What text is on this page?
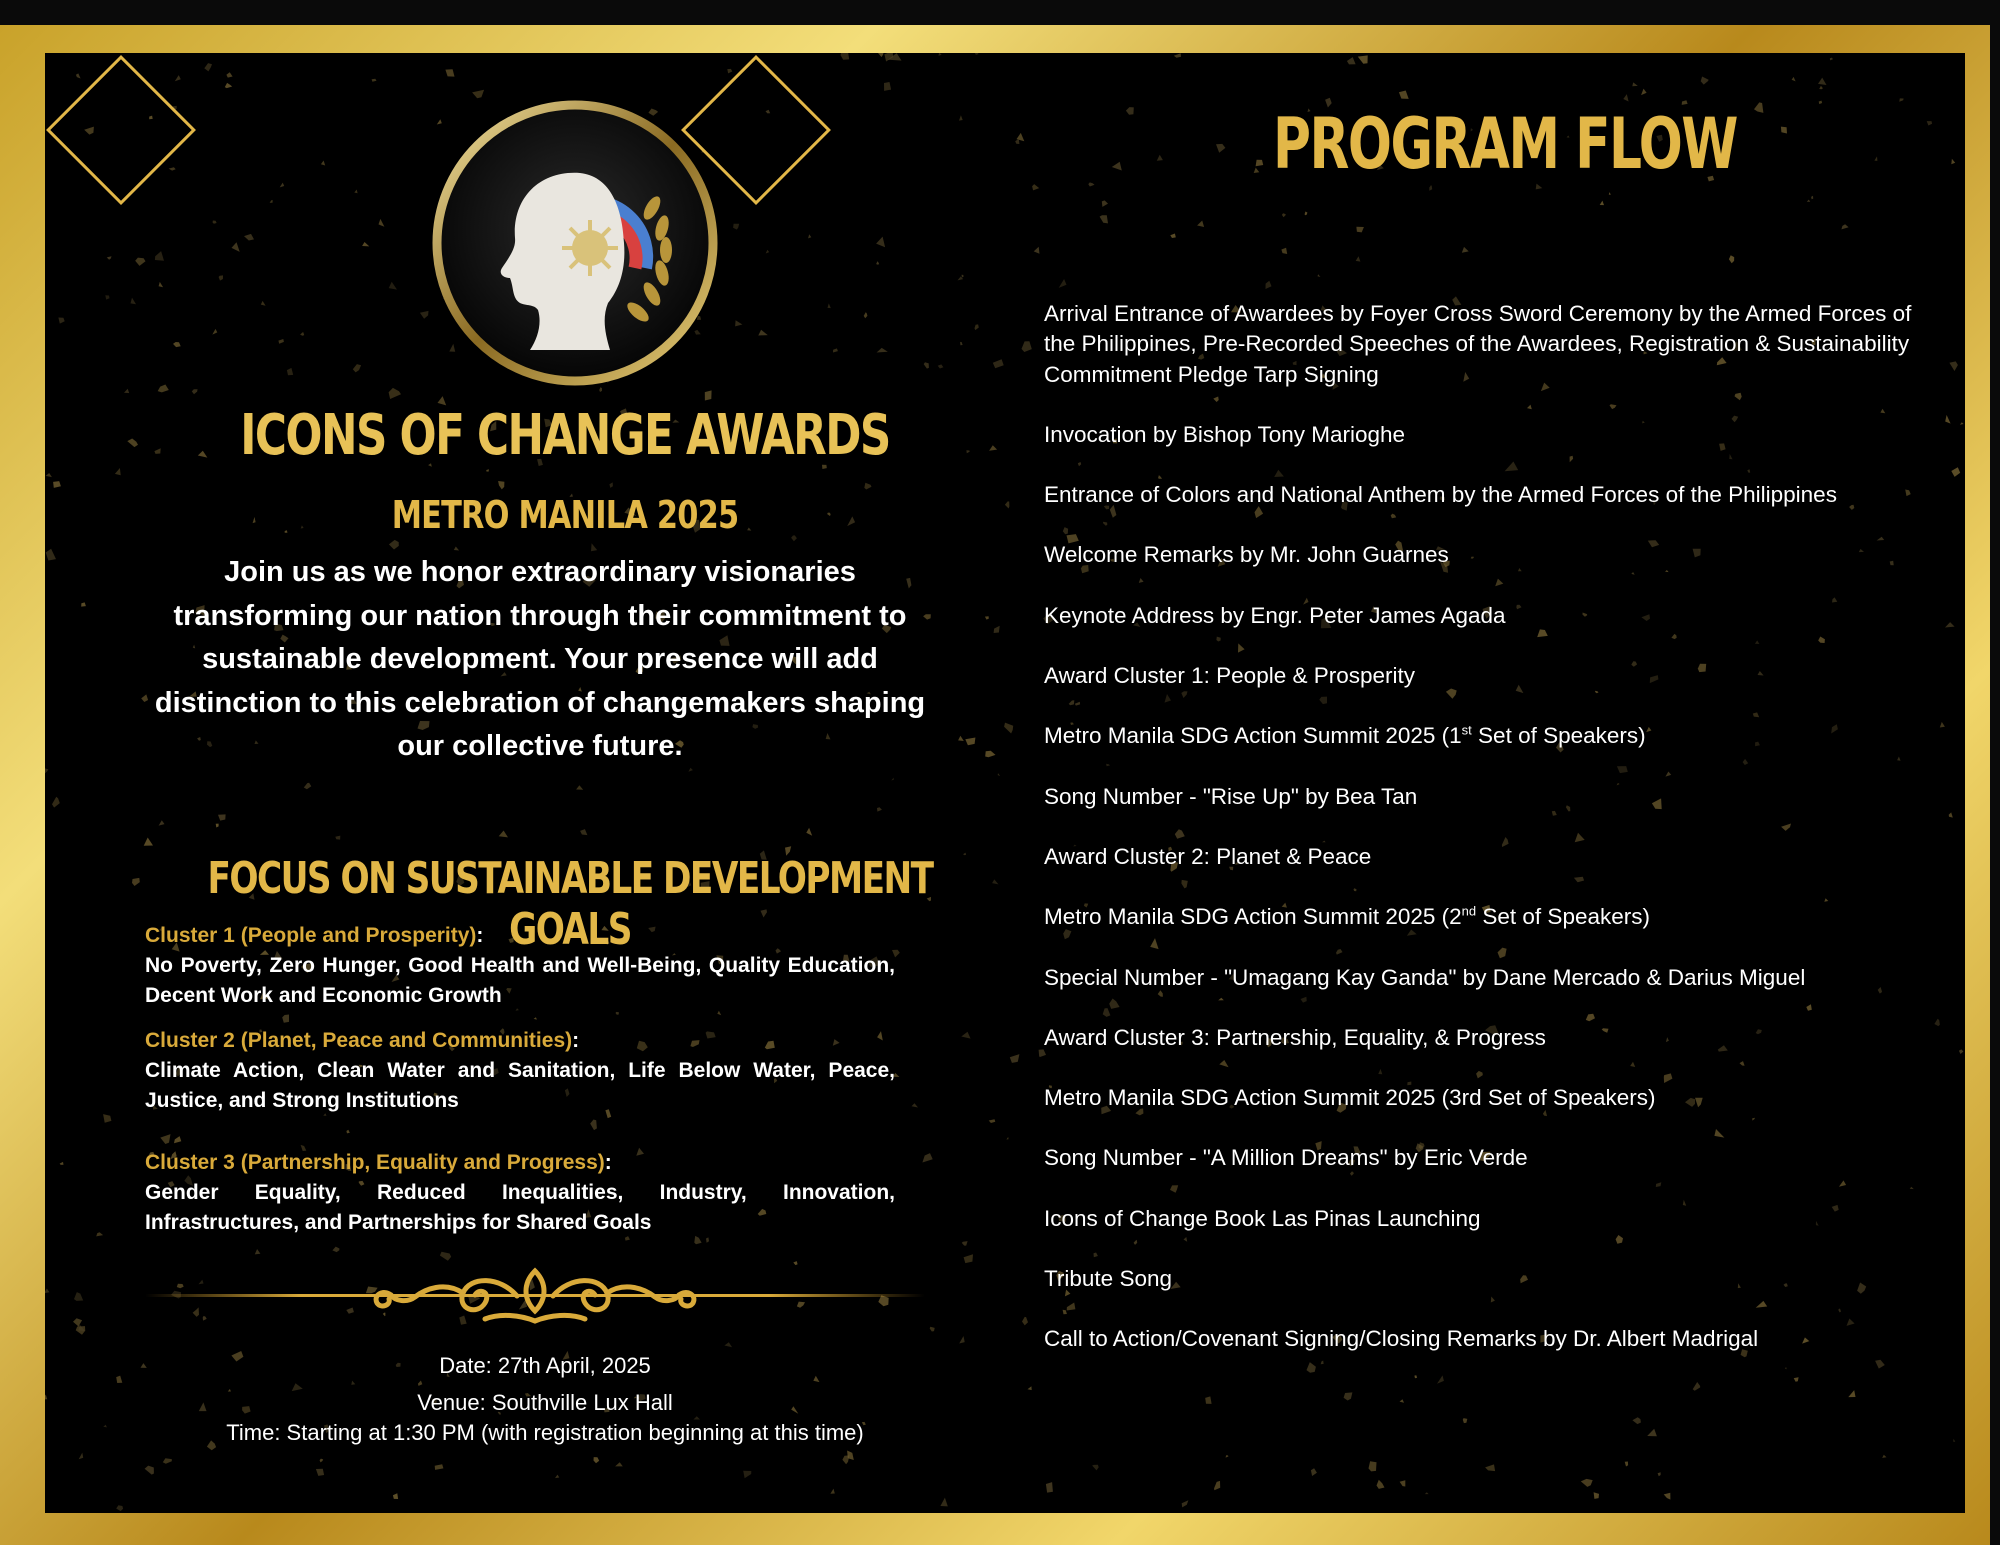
ICONS OF CHANGE AWARDS
METRO MANILA 2025
Join us as we honor extraordinary visionaries transforming our nation through their commitment to sustainable development. Your presence will add distinction to this celebration of changemakers shaping our collective future.
FOCUS ON SUSTAINABLE DEVELOPMENT GOALS
Cluster 1 (People and Prosperity):
No Poverty, Zero Hunger, Good Health and Well-Being, Quality Education, Decent Work and Economic Growth
Cluster 2 (Planet, Peace and Communities):
Climate Action, Clean Water and Sanitation, Life Below Water, Peace, Justice, and Strong Institutions
Cluster 3 (Partnership, Equality and Progress):
Gender Equality, Reduced Inequalities, Industry, Innovation, Infrastructures, and Partnerships for Shared Goals
Date: 27th April, 2025
Venue: Southville Lux Hall
Time: Starting at 1:30 PM (with registration beginning at this time)
PROGRAM FLOW
Arrival Entrance of Awardees by Foyer Cross Sword Ceremony by the Armed Forces of the Philippines, Pre-Recorded Speeches of the Awardees, Registration & Sustainability Commitment Pledge Tarp Signing
Invocation by Bishop Tony Marioghe
Entrance of Colors and National Anthem by the Armed Forces of the Philippines
Welcome Remarks by Mr. John Guarnes
Keynote Address by Engr. Peter James Agada
Award Cluster 1: People & Prosperity
Metro Manila SDG Action Summit 2025 (1st Set of Speakers)
Song Number - "Rise Up" by Bea Tan
Award Cluster 2: Planet & Peace
Metro Manila SDG Action Summit 2025 (2nd Set of Speakers)
Special Number - "Umagang Kay Ganda" by Dane Mercado & Darius Miguel
Award Cluster 3: Partnership, Equality, & Progress
Metro Manila SDG Action Summit 2025 (3rd Set of Speakers)
Song Number - "A Million Dreams" by Eric Verde
Icons of Change Book Las Pinas Launching
Tribute Song
Call to Action/Covenant Signing/Closing Remarks by Dr. Albert Madrigal
